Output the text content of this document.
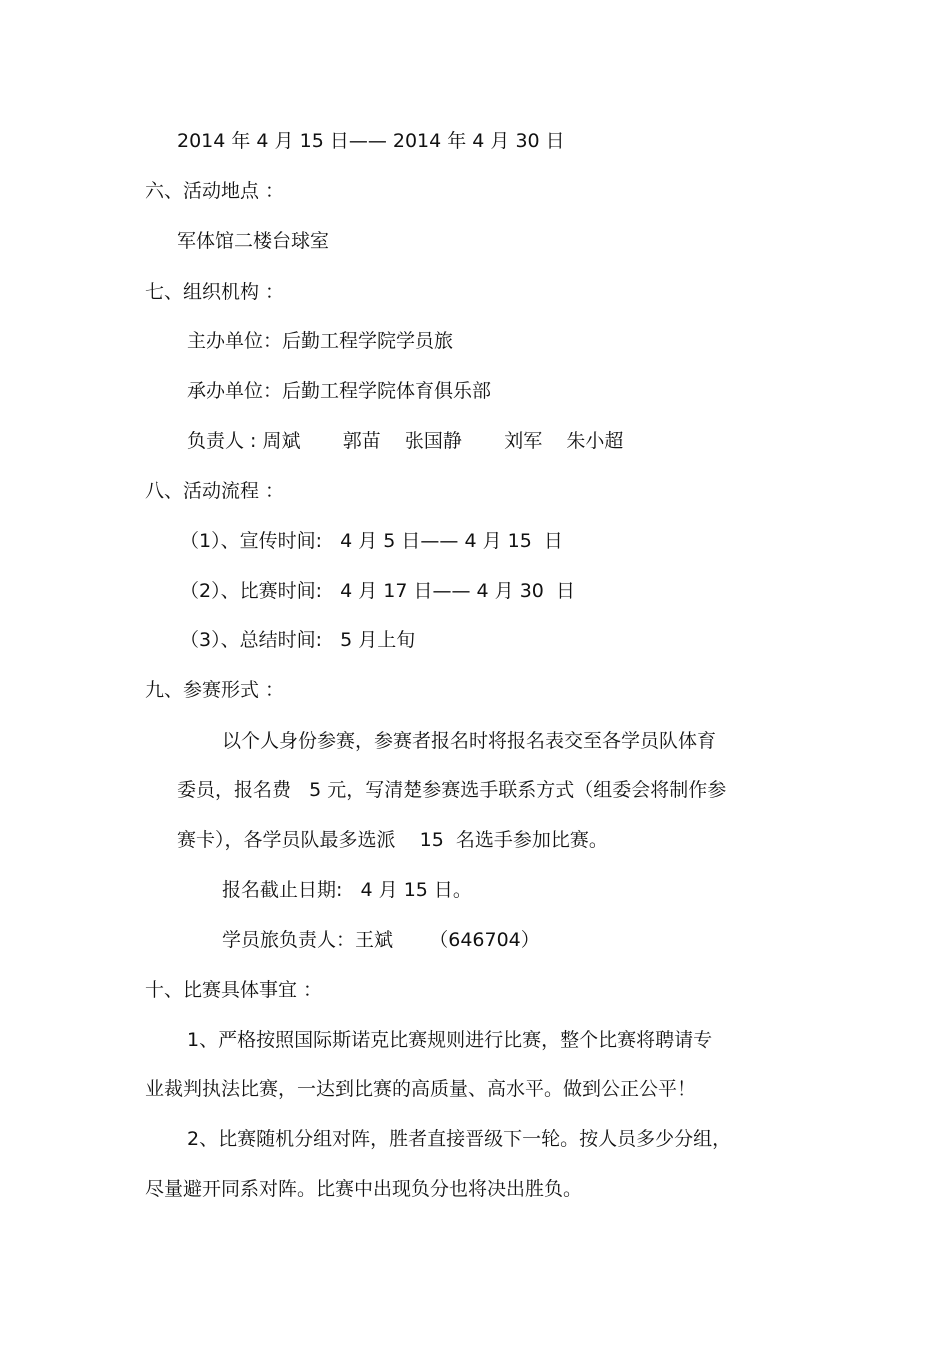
2014 年 4 月 15 日—— 2014 年 4 月 30 日
六、活动地点 ：
军体馆二楼台球室
七、组织机构 ：
主办单位：后勤工程学院学员旅
承办单位：后勤工程学院体育俱乐部
负责人 : 周斌       郭苗    张国静       刘军    朱小超
八、活动流程 ：
（1）、宣传时间:   4 月 5 日—— 4 月 15  日
（2）、比赛时间:   4 月 17 日—— 4 月 30  日
（3）、总结时间:   5 月上旬
九、参赛形式 ：
以个人身份参赛，参赛者报名时将报名表交至各学员队体育
委员，报名费   5 元，写清楚参赛选手联系方式（组委会将制作参
赛卡），各学员队最多选派    15  名选手参加比赛。
报名截止日期:   4 月 15 日。
学员旅负责人：王斌      （646704）
十、比赛具体事宜 ：
1、严格按照国际斯诺克比赛规则进行比赛，整个比赛将聘请专
业裁判执法比赛，一达到比赛的高质量、高水平。做到公正公平！
2、比赛随机分组对阵，胜者直接晋级下一轮。按人员多少分组，
尽量避开同系对阵。比赛中出现负分也将决出胜负。
